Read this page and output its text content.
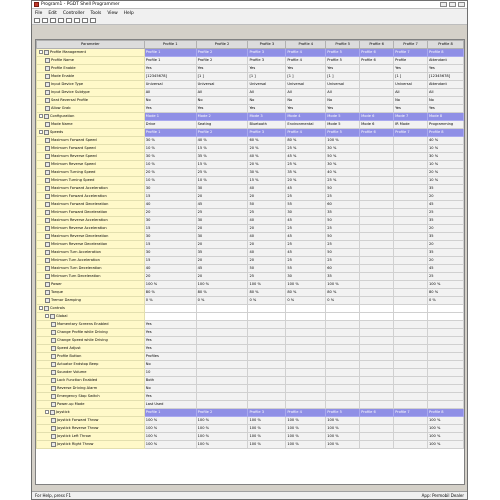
Program1 - PGDT Shell Programmer
File Edit Controller Tools View Help
Parameter	Profile 1	Profile 2	Profile 3	Profile 4	Profile 5	Profile 6	Profile 7	Profile 8
Profile Management	Profile 1	Profile 2	Profile 3	Profile 4	Profile 5	Profile 6	Profile 7	Profile 8
Profile Name	Profile 1	Profile 2	Profile 3	Profile 4	Profile 5	Profile 6	Profile	Attendant
Profile Enable	Yes	Yes	Yes	Yes	Yes		Yes	Yes
Mode Enable	[12345678]	[1 ]	[1 ]	[1 ]	[1 ]		[1 ]	[12345678]
Input Device Type	Universal	Universal	Universal	Universal	Universal		Universal	Attendant
Input Device Subtype	All	All	All	All	All		All	All
Seat Reversal Profile	No	No	No	No	No		No	No
Allow Grab	Yes	Yes	Yes	Yes	Yes		Yes	Yes
Configuration	Mode 1	Mode 2	Mode 3	Mode 4	Mode 5	Mode 6	Mode 7	Mode 8
Mode Name	Drive	Seating	Bluetooth	Environmental	Mode 5	Mode 6	IR Mode	Programming
Speeds	Profile 1	Profile 2	Profile 3	Profile 4	Profile 5	Profile 6	Profile 7	Profile 8
Maximum Forward Speed	30 %	40 %	60 %	80 %	100 %			40 %
Minimum Forward Speed	10 %	15 %	20 %	25 %	30 %			10 %
Maximum Reverse Speed	30 %	35 %	40 %	45 %	50 %			30 %
Minimum Reverse Speed	10 %	15 %	20 %	25 %	30 %			10 %
Maximum Turning Speed	20 %	25 %	30 %	35 %	40 %			20 %
Minimum Turning Speed	10 %	10 %	15 %	20 %	25 %			10 %
Maximum Forward Acceleration	30	30	40	45	50			35
Minimum Forward Acceleration	15	20	20	25	25			20
Maximum Forward Deceleration	40	45	50	55	60			45
Minimum Forward Deceleration	20	25	25	30	35			25
Maximum Reverse Acceleration	30	30	40	45	50			35
Minimum Reverse Acceleration	15	20	20	25	25			20
Maximum Reverse Deceleration	30	30	40	45	50			35
Minimum Reverse Deceleration	15	20	20	25	25			20
Maximum Turn Acceleration	30	35	40	45	50			35
Minimum Turn Acceleration	15	20	20	25	25			20
Maximum Turn Deceleration	40	45	50	55	60			45
Minimum Turn Deceleration	20	20	25	30	35			25
Power	100 %	100 %	100 %	100 %	100 %			100 %
Torque	80 %	80 %	80 %	80 %	80 %			80 %
Tremor Damping	0 %	0 %	0 %	0 %	0 %			0 %
Controls								
Global								
Momentary Screens Enabled	Yes							
Change Profile while Driving	Yes							
Change Speed while Driving	Yes							
Speed Adjust	Yes							
Profile Button	Profiles							
Actuator Endstop Beep	No							
Sounder Volume	10							
Lock Function Enabled	Both							
Reverse Driving Alarm	No							
Emergency Stop Switch	Yes							
Power-up Mode	Last Used							
Joystick	Profile 1	Profile 2	Profile 3	Profile 4	Profile 5	Profile 6	Profile 7	Profile 8
Joystick Forward Throw	100 %	100 %	100 %	100 %	100 %			100 %
Joystick Reverse Throw	100 %	100 %	100 %	100 %	100 %			100 %
Joystick Left Throw	100 %	100 %	100 %	100 %	100 %			100 %
Joystick Right Throw	100 %	100 %	100 %	100 %	100 %			100 %
For Help, press F1	App: Permobil Dealer
